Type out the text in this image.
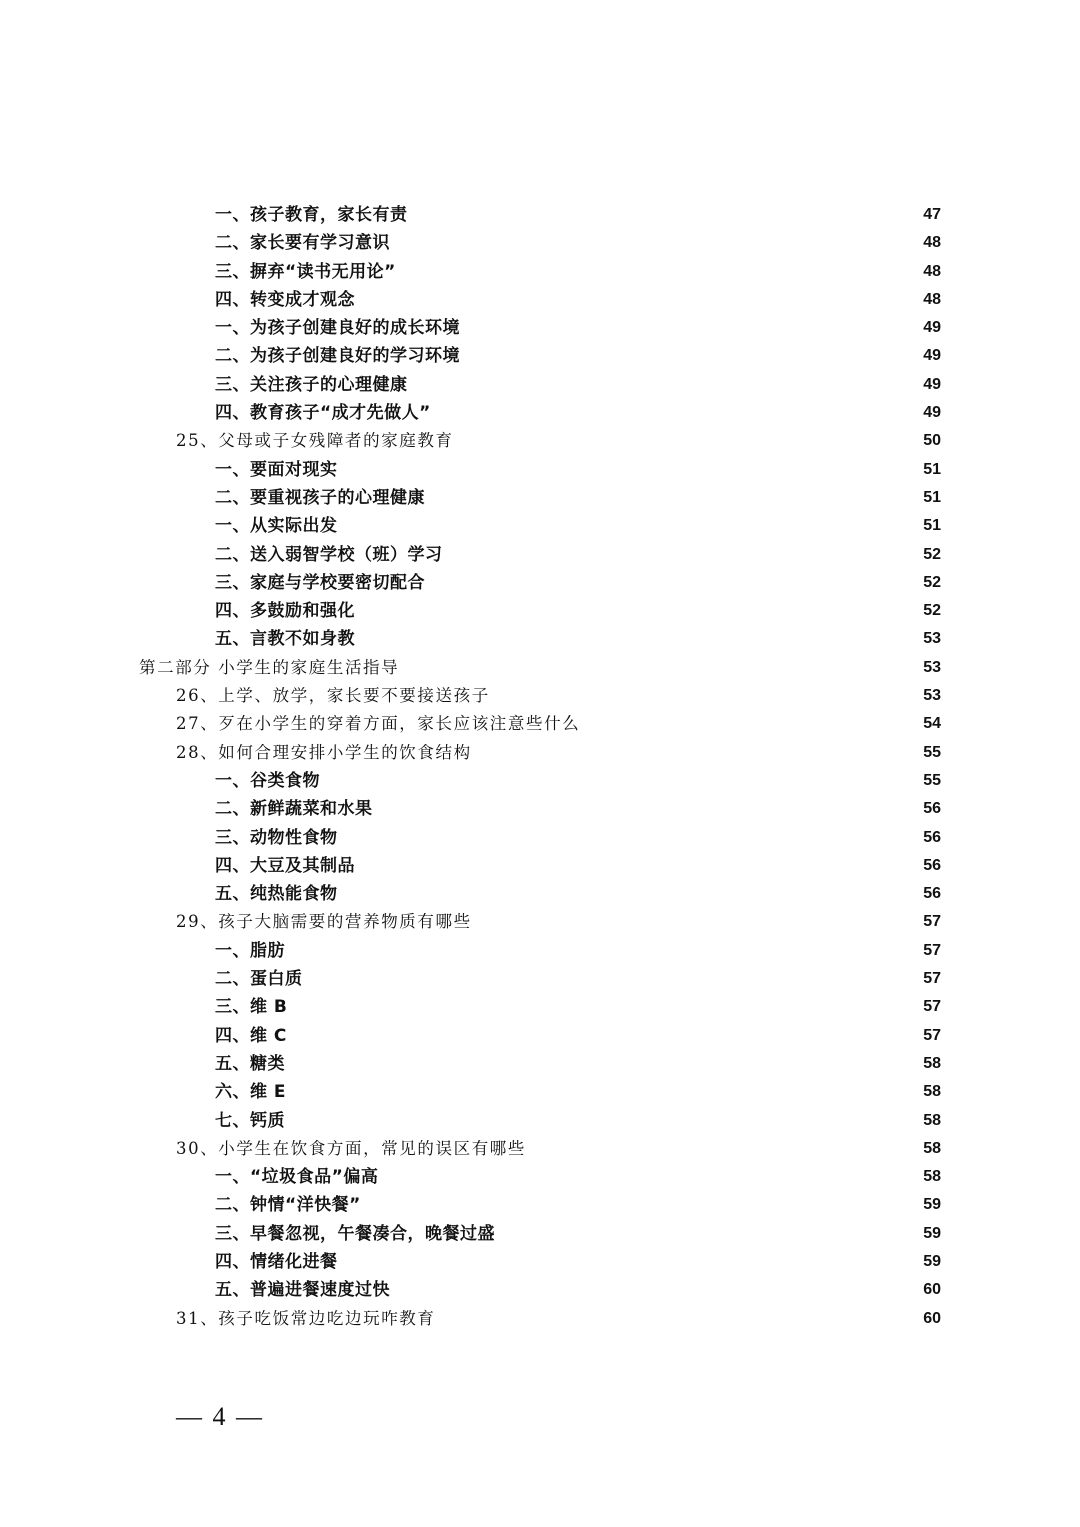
一、孩子教育，家长有责	47
二、家长要有学习意识	48
三、摒弃“读书无用论”	48
四、转变成才观念	48
一、为孩子创建良好的成长环境	49
二、为孩子创建良好的学习环境	49
三、关注孩子的心理健康	49
四、教育孩子“成才先做人”	49
25、父母或子女残障者的家庭教育	50
一、要面对现实	51
二、要重视孩子的心理健康	51
一、从实际出发	51
二、送入弱智学校（班）学习	52
三、家庭与学校要密切配合	52
四、多鼓励和强化	52
五、言教不如身教	53
第二部分 小学生的家庭生活指导	53
26、上学、放学，家长要不要接送孩子	53
27、歹在小学生的穿着方面，家长应该注意些什么	54
28、如何合理安排小学生的饮食结构	55
一、谷类食物	55
二、新鲜蔬菜和水果	56
三、动物性食物	56
四、大豆及其制品	56
五、纯热能食物	56
29、孩子大脑需要的营养物质有哪些	57
一、脂肪	57
二、蛋白质	57
三、维 B	57
四、维 C	57
五、糖类	58
六、维 E	58
七、钙质	58
30、小学生在饮食方面，常见的误区有哪些	58
一、“垃圾食品”偏高	58
二、钟情“洋快餐”	59
三、早餐忽视，午餐凑合，晚餐过盛	59
四、情绪化进餐	59
五、普遍进餐速度过快	60
31、孩子吃饭常边吃边玩咋教育	60
— 4 —
